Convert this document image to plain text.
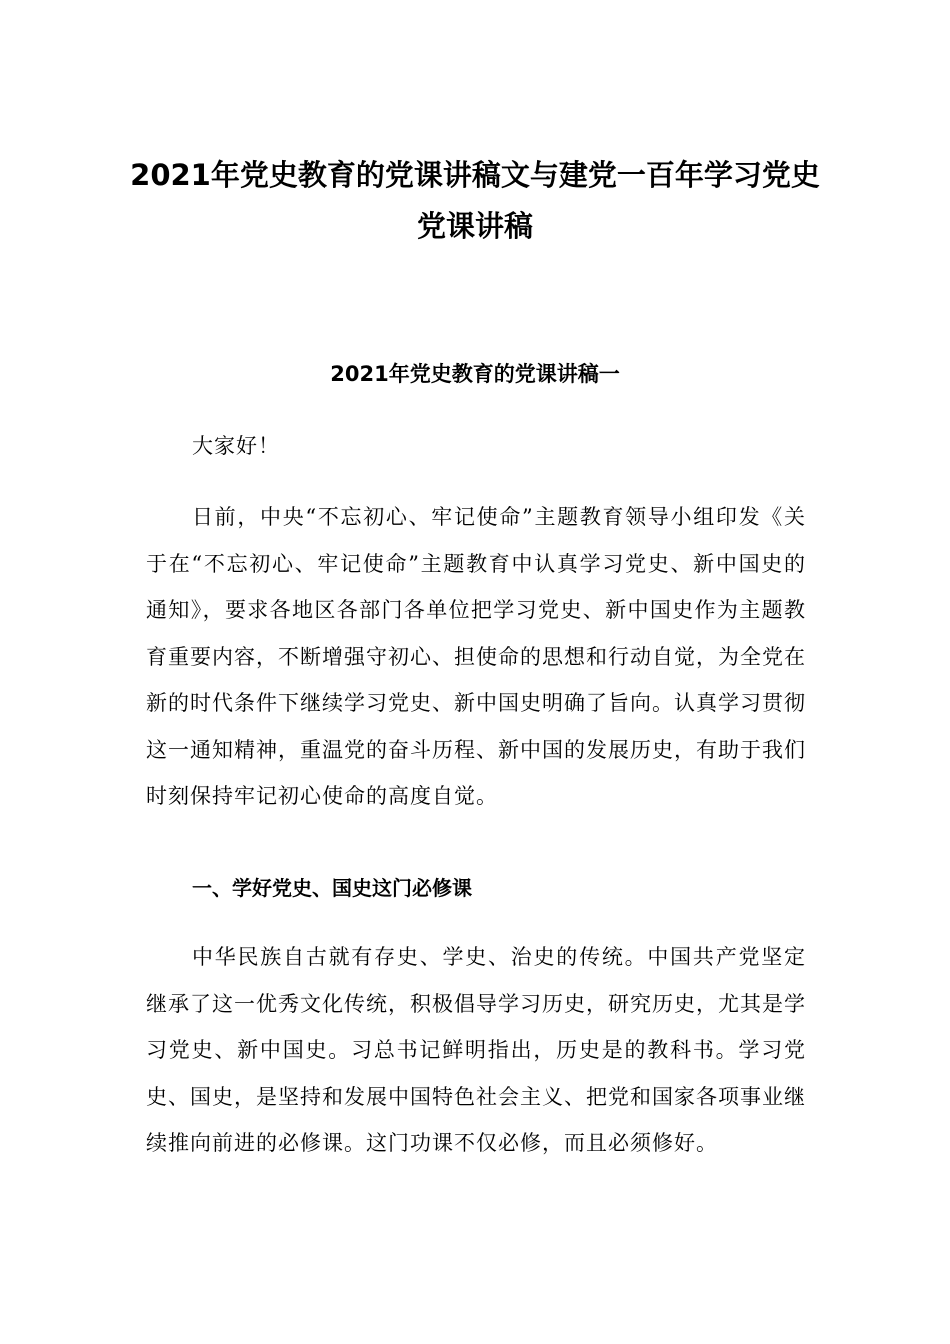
2021年党史教育的党课讲稿文与建党一百年学习党史党课讲稿
2021年党史教育的党课讲稿一

大家好！

日前，中央“不忘初心、牢记使命”主题教育领导小组印发《关于在“不忘初心、牢记使命”主题教育中认真学习党史、新中国史的通知》，要求各地区各部门各单位把学习党史、新中国史作为主题教育重要内容，不断增强守初心、担使命的思想和行动自觉，为全党在新的时代条件下继续学习党史、新中国史明确了旨向。认真学习贯彻这一通知精神，重温党的奋斗历程、新中国的发展历史，有助于我们时刻保持牢记初心使命的高度自觉。

一、学好党史、国史这门必修课

中华民族自古就有存史、学史、治史的传统。中国共产党坚定继承了这一优秀文化传统，积极倡导学习历史，研究历史，尤其是学习党史、新中国史。习总书记鲜明指出，历史是的教科书。学习党史、国史，是坚持和发展中国特色社会主义、把党和国家各项事业继续推向前进的必修课。这门功课不仅必修，而且必须修好。
